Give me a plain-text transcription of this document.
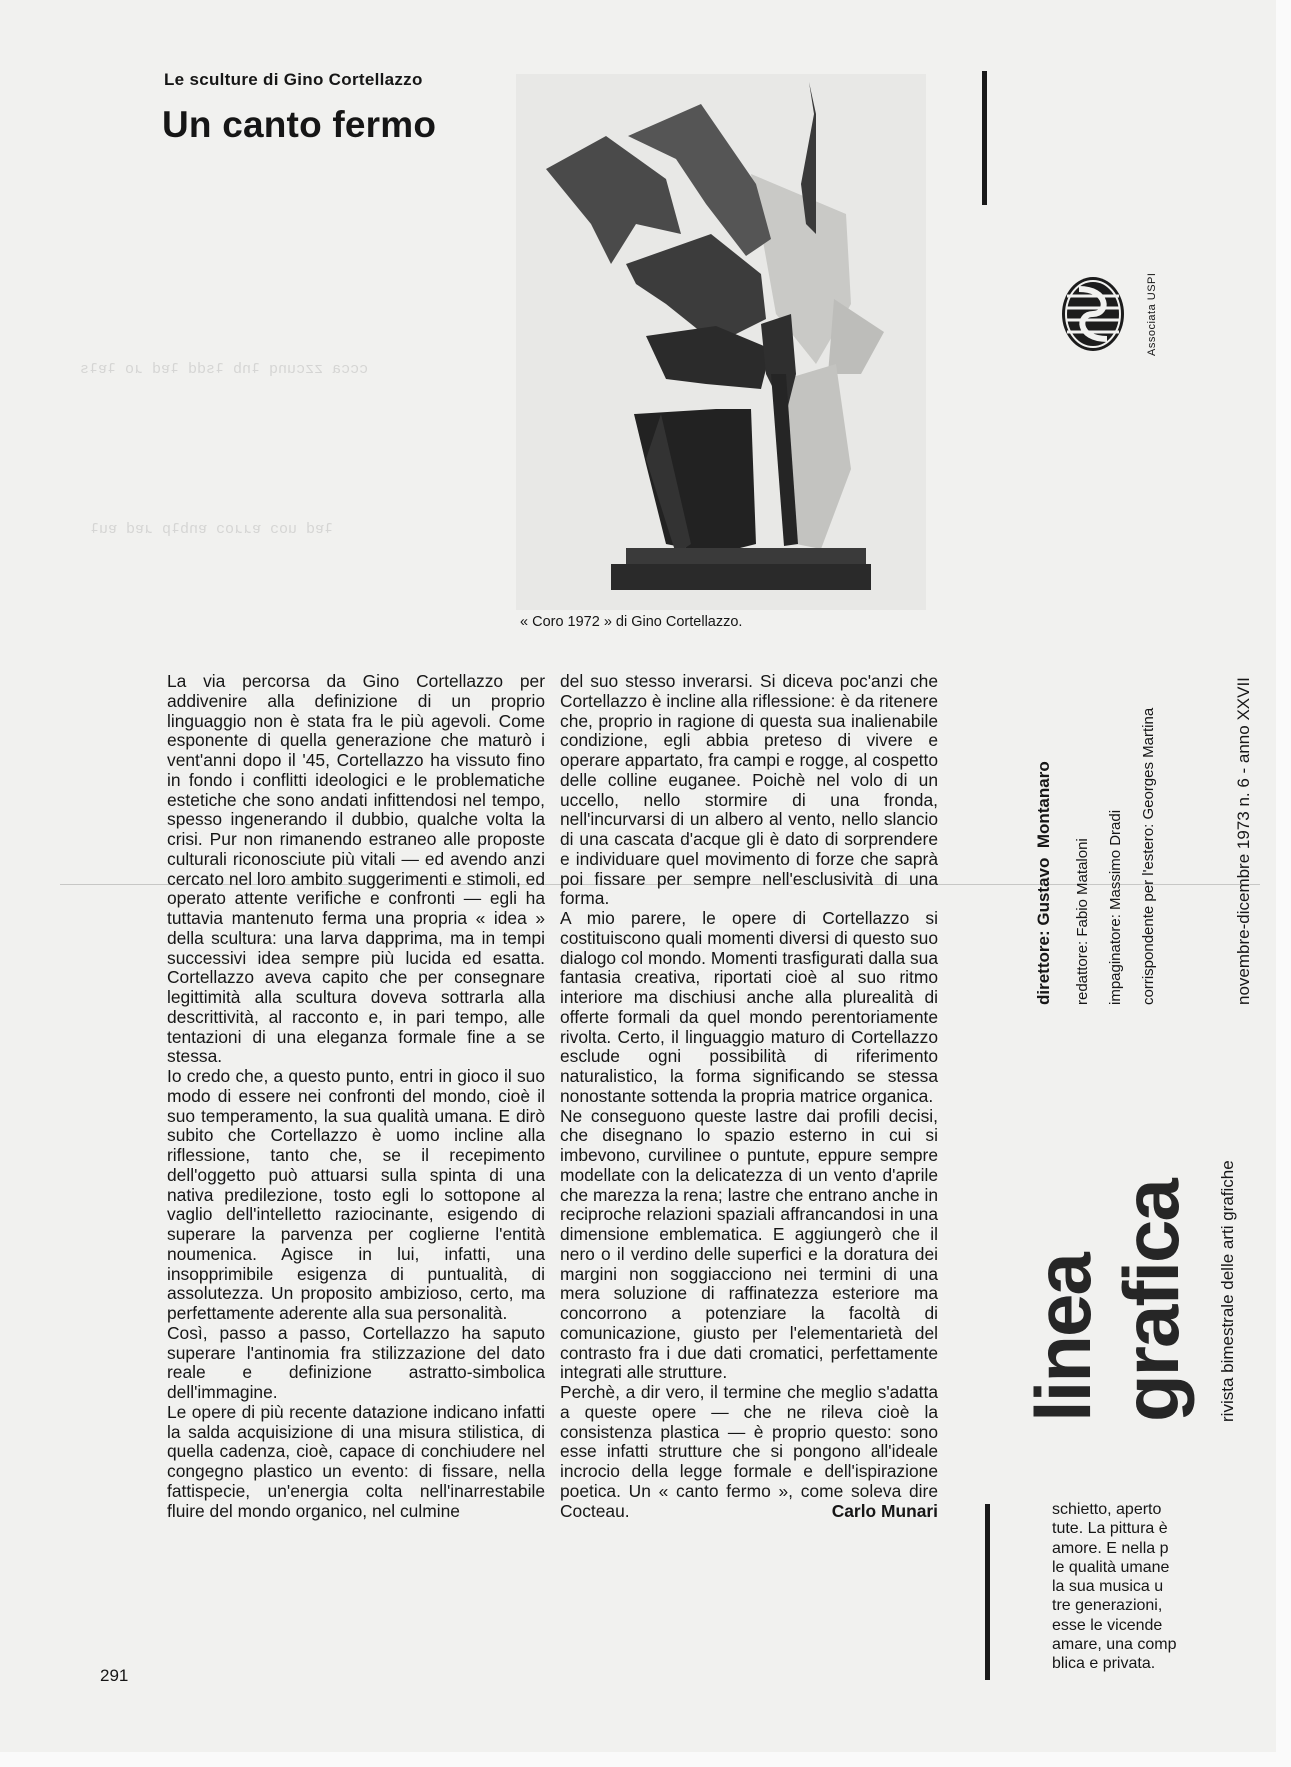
ccca zzcunq ʇnb ʇsdd ʇɐd ɹo ʇɐʇs
ʇɐd uoɔ ɐɹɹoɔ ɐnbʇp ɹɐd ɐuʇ
Le sculture di Gino Cortellazzo
Un canto fermo
« Coro 1972 » di Gino Cortellazzo.

La via percorsa da Gino Cortellazzo per addivenire alla definizione di un proprio linguaggio non è stata fra le più agevoli. Come esponente di quella generazione che maturò i vent'anni dopo il '45, Cortellazzo ha vissuto fino in fondo i conflitti ideologici e le problematiche estetiche che sono andati infittendosi nel tempo, spesso ingenerando il dubbio, qualche volta la crisi. Pur non rimanendo estraneo alle proposte culturali riconosciute più vitali — ed avendo anzi cercato nel loro ambito suggerimenti e stimoli, ed operato attente verifiche e confronti — egli ha tuttavia mantenuto ferma una propria « idea » della scultura: una larva dapprima, ma in tempi successivi idea sempre più lucida ed esatta. Cortellazzo aveva capito che per consegnare legittimità alla scultura doveva sottrarla alla descrittività, al racconto e, in pari tempo, alle tentazioni di una eleganza formale fine a se stessa.

Io credo che, a questo punto, entri in gioco il suo modo di essere nei confronti del mondo, cioè il suo temperamento, la sua qualità umana. E dirò subito che Cortellazzo è uomo incline alla riflessione, tanto che, se il recepimento dell'oggetto può attuarsi sulla spinta di una nativa predilezione, tosto egli lo sottopone al vaglio dell'intelletto raziocinante, esigendo di superare la parvenza per coglierne l'entità noumenica. Agisce in lui, infatti, una insopprimibile esigenza di puntualità, di assolutezza. Un proposito ambizioso, certo, ma perfettamente aderente alla sua personalità.

Così, passo a passo, Cortellazzo ha saputo superare l'antinomia fra stilizzazione del dato reale e definizione astratto-simbolica dell'immagine.

Le opere di più recente datazione indicano infatti la salda acquisizione di una misura stilistica, di quella cadenza, cioè, capace di conchiudere nel congegno plastico un evento: di fissare, nella fattispecie, un'energia colta nell'inarrestabile fluire del mondo organico, nel culmine

del suo stesso inverarsi. Si diceva poc'anzi che Cortellazzo è incline alla riflessione: è da ritenere che, proprio in ragione di questa sua inalienabile condizione, egli abbia preteso di vivere e operare appartato, fra campi e rogge, al cospetto delle colline euganee. Poichè nel volo di un uccello, nello stormire di una fronda, nell'incurvarsi di un albero al vento, nello slancio di una cascata d'acque gli è dato di sorprendere e individuare quel movimento di forze che saprà poi fissare per sempre nell'esclusività di una forma.

A mio parere, le opere di Cortellazzo si costituiscono quali momenti diversi di questo suo dialogo col mondo. Momenti trasfigurati dalla sua fantasia creativa, riportati cioè al suo ritmo interiore ma dischiusi anche alla plurealità di offerte formali da quel mondo perentoriamente rivolta. Certo, il linguaggio maturo di Cortellazzo esclude ogni possibilità di riferimento naturalistico, la forma significando se stessa nonostante sottenda la propria matrice organica.

Ne conseguono queste lastre dai profili decisi, che disegnano lo spazio esterno in cui si imbevono, curvilinee o puntute, eppure sempre modellate con la delicatezza di un vento d'aprile che marezza la rena; lastre che entrano anche in reciproche relazioni spaziali affrancandosi in una dimensione emblematica. E aggiungerò che il nero o il verdino delle superfici e la doratura dei margini non soggiacciono nei termini di una mera soluzione di raffinatezza esteriore ma concorrono a potenziare la facoltà di comunicazione, giusto per l'elementarietà del contrasto fra i due dati cromatici, perfettamente integrati alle strutture.

Perchè, a dir vero, il termine che meglio s'adatta a queste opere — che ne rileva cioè la consistenza plastica — è proprio questo: sono esse infatti strutture che si pongono all'ideale incrocio della legge formale e dell'ispirazione poetica. Un « canto fermo », come soleva dire Cocteau.	Carlo Munari
291
Associata USPI
direttore: Gustavo  Montanaro redattore: Fabio Mataloni impaginatore: Massimo Dradi corrispondente per l'estero: Georges Martina	novembre-dicembre 1973 n. 6 - anno XXVII
linea grafica rivista bimestrale delle arti grafiche
schietto, aperto
tute. La pittura è
amore. E nella p
le qualità umane
la sua musica u
tre generazioni,
esse le vicende
amare, una comp
blica e privata.
